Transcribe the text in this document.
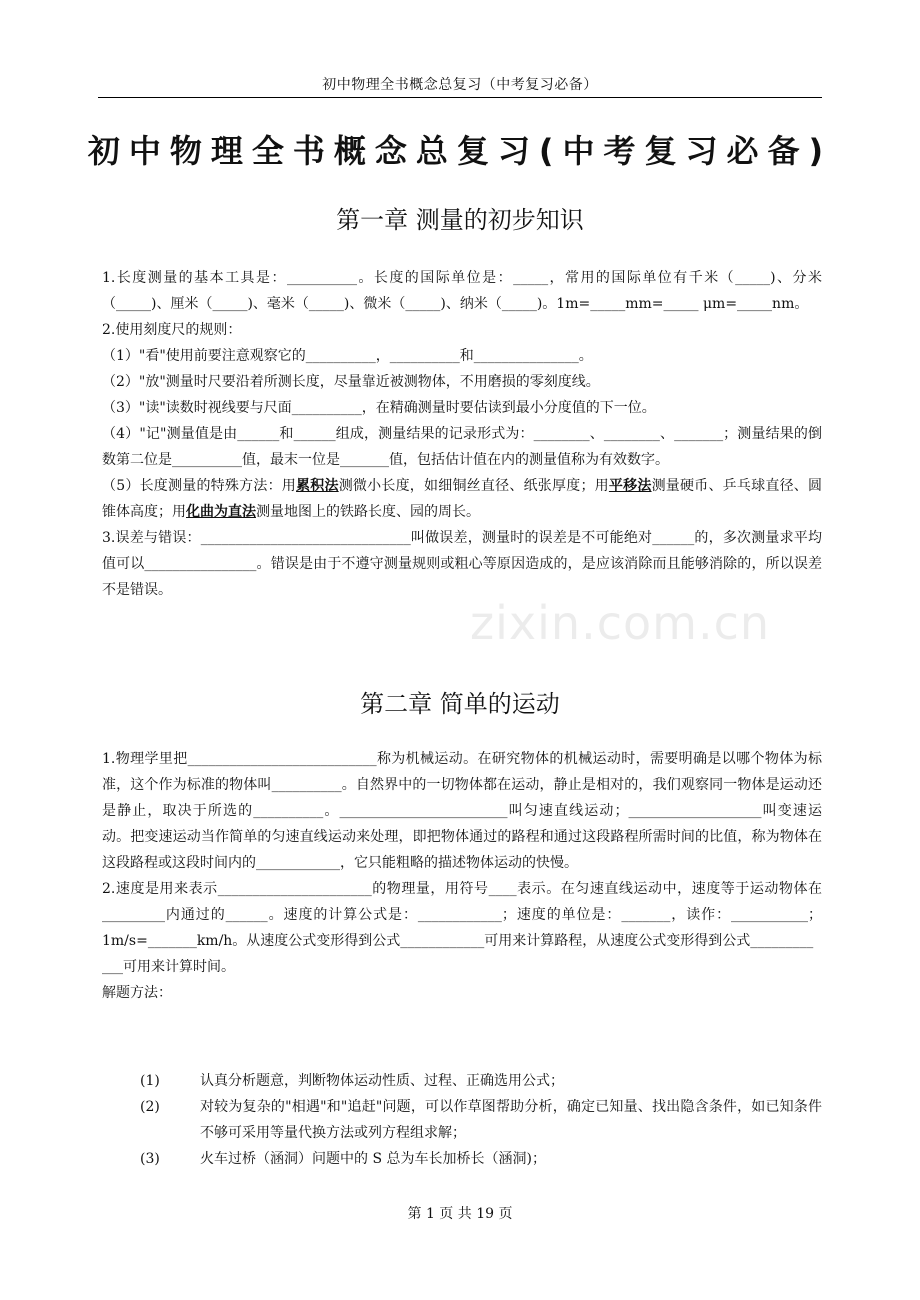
初中物理全书概念总复习（中考复习必备）
初中物理全书概念总复习(中考复习必备)
第一章 测量的初步知识

1.长度测量的基本工具是：__________。长度的国际单位是：_____，常用的国际单位有千米（_____)、分米（_____)、厘米（_____)、毫米（_____)、微米（_____)、纳米（_____)。1m=_____mm=_____ μm=_____nm。

2.使用刻度尺的规则：

（1）"看"使用前要注意观察它的__________，__________和_______________。

（2）"放"测量时尺要沿着所测长度，尽量靠近被测物体，不用磨损的零刻度线。

（3）"读"读数时视线要与尺面__________，在精确测量时要估读到最小分度值的下一位。

（4）"记"测量值是由______和______组成，测量结果的记录形式为：________、________、_______；测量结果的倒数第二位是__________值，最末一位是_______值，包括估计值在内的测量值称为有效数字。

（5）长度测量的特殊方法：用累积法测微小长度，如细铜丝直径、纸张厚度；用平移法测量硬币、乒乓球直径、圆锥体高度；用化曲为直法测量地图上的铁路长度、园的周长。

3.误差与错误：______________________________叫做误差，测量时的误差是不可能绝对______的，多次测量求平均值可以________________。错误是由于不遵守测量规则或粗心等原因造成的，是应该消除而且能够消除的，所以误差不是错误。

zixin.com.cn
第二章 简单的运动

1.物理学里把___________________________称为机械运动。在研究物体的机械运动时，需要明确是以哪个物体为标准，这个作为标准的物体叫__________。自然界中的一切物体都在运动，静止是相对的，我们观察同一物体是运动还是静止，取决于所选的__________。________________________叫匀速直线运动；___________________叫变速运动。把变速运动当作简单的匀速直线运动来处理，即把物体通过的路程和通过这段路程所需时间的比值，称为物体在这段路程或这段时间内的____________，它只能粗略的描述物体运动的快慢。

2.速度是用来表示______________________的物理量，用符号____表示。在匀速直线运动中，速度等于运动物体在_________内通过的______。速度的计算公式是：____________；速度的单位是：_______，读作：___________；1m/s=_______km/h。从速度公式变形得到公式____________可用来计算路程，从速度公式变形得到公式_________

___可用来计算时间。

解题方法：

(1)	认真分析题意，判断物体运动性质、过程、正确选用公式；
(2)	对较为复杂的"相遇"和"追赶"问题，可以作草图帮助分析，确定已知量、找出隐含条件，如已知条件不够可采用等量代换方法或列方程组求解；
(3)	火车过桥（涵洞）问题中的 S 总为车长加桥长（涵洞)；
第 1 页 共 19 页
